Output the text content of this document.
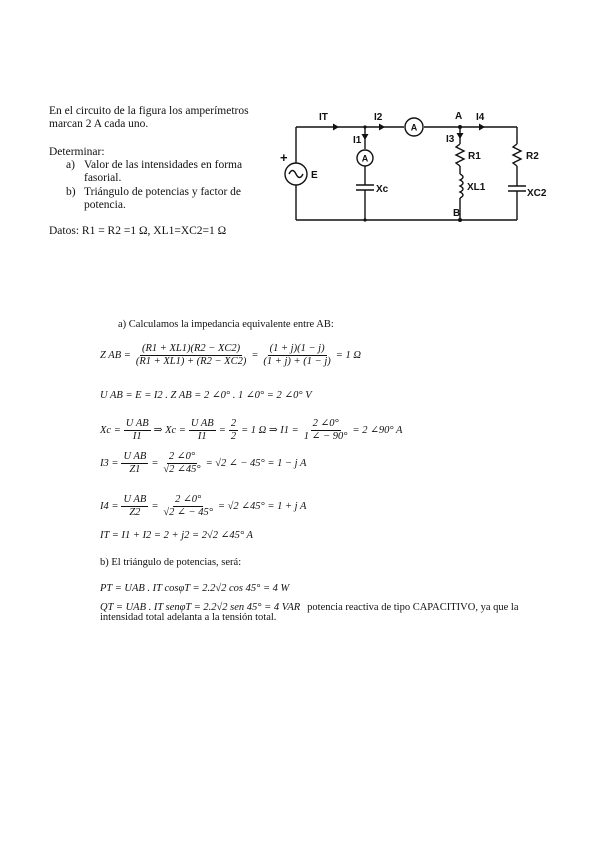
En el circuito de la figura los amperímetros
marcan 2 A cada uno.
Determinar:
a) Valor de las intensidades en forma
fasorial.
b) Triángulo de potencias y factor de
potencia.
Datos: R1 = R2 =1 Ω, XL1=XC2=1 Ω
A
A
IT	I2	A I4
I1	I3
R1	R2
XL1
Xc	XC2
E
B
+
a) Calculamos la impedancia equivalente entre AB:
Z AB = $\frac{(R1 + XL1)(R2 - XC2)}{(R1 + XL1) + (R2 - XC2)} = \frac{(1 + j)(1 - j)}{(1 + j) + (1 - j)} = 1$ Ω
U AB = E = I2 . Z AB = 2 ∠0° . 1 ∠0° = 2 ∠0° V
$Xc = \frac{\text{U AB}}{I1}$ ⇒ $Xc = \frac{\text{U AB}}{I1} = \frac{2}{2} = 1$ Ω ⇒ $I1 = \frac{2 \angle 0^\circ}{1 \angle - 90^\circ} = 2$ ∠90° A
$I3 = \frac{\text{U AB}}{Z1} = \frac{2 \angle 0^\circ}{√2 \angle 45^\circ} = √2$ ∠ − 45° = 1 − j A
$I4 = \frac{\text{U AB}}{Z2} = \frac{2 \angle 0^\circ}{√2 \angle - 45^\circ} = √2$ ∠45° = 1 + j A
IT = I1 + I2 = 2 + j2 = 2√2 ∠45° A
b) El triángulo de potencias, será:
PT = UAB . IT cosφT = 2.2√2 cos 45° = 4 W
QT = UAB . IT senφT = 2.2√2 sen 45° = 4 VAR potencia reactiva de tipo CAPACITIVO, ya que la
intensidad total adelanta a la tensión total.
